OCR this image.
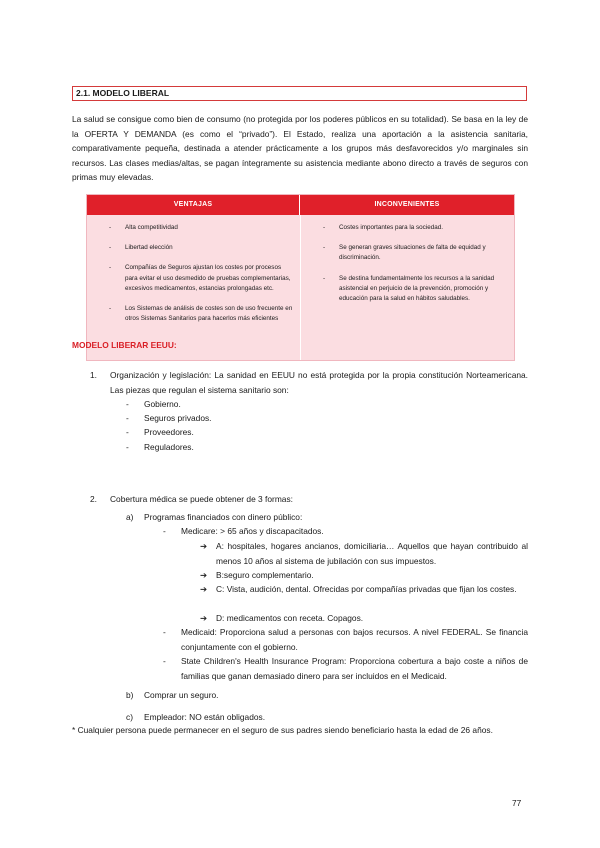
2.1. MODELO LIBERAL

La salud se consigue como bien de consumo (no protegida por los poderes públicos en su totalidad). Se basa en la ley de la OFERTA Y DEMANDA (es como el “privado”). El Estado, realiza una aportación a la asistencia sanitaria, comparativamente pequeña, destinada a atender prácticamente a los grupos más desfavorecidos y/o marginales sin recursos. Las clases medias/altas, se pagan íntegramente su asistencia mediante abono directo a través de seguros con primas muy elevadas.

VENTAJAS	INCONVENIENTES
- Alta competitividad
- Libertad elección
- Compañías de Seguros ajustan los costes por procesos para evitar el uso desmedido de pruebas complementarias, excesivos medicamentos, estancias prolongadas etc.
- Los Sistemas de análisis de costes son de uso frecuente en otros Sistemas Sanitarios para hacerlos más eficientes
- Costes importantes para la sociedad.
- Se generan graves situaciones de falta de equidad y discriminación.
- Se destina fundamentalmente los recursos a la sanidad asistencial en perjuicio de la prevención, promoción y educación para la salud en hábitos saludables.
MODELO LIBERAR EEUU:
1. Organización y legislación: La sanidad en EEUU no está protegida por la propia constitución Norteamericana. Las piezas que regulan el sistema sanitario son:
- Gobierno.
- Seguros privados.
- Proveedores.
- Reguladores.
2. Cobertura médica se puede obtener de 3 formas:
a) Programas financiados con dinero público:
- Medicare: > 65 años y discapacitados.
➔ A: hospitales, hogares ancianos, domiciliaria… Aquellos que hayan contribuido al menos 10 años al sistema de jubilación con sus impuestos.
➔ B:seguro complementario.
➔ C: Vista, audición, dental. Ofrecidas por compañías privadas que fijan los costes.
➔ D: medicamentos con receta. Copagos.
- Medicaid: Proporciona salud a personas con bajos recursos. A nivel FEDERAL. Se financia conjuntamente con el gobierno.
- State Children's Health Insurance Program: Proporciona cobertura a bajo coste a niños de familias que ganan demasiado dinero para ser incluidos en el Medicaid.
b) Comprar un seguro.
c) Empleador: NO están obligados.
* Cualquier persona puede permanecer en el seguro de sus padres siendo beneficiario hasta la edad de 26 años.
77
